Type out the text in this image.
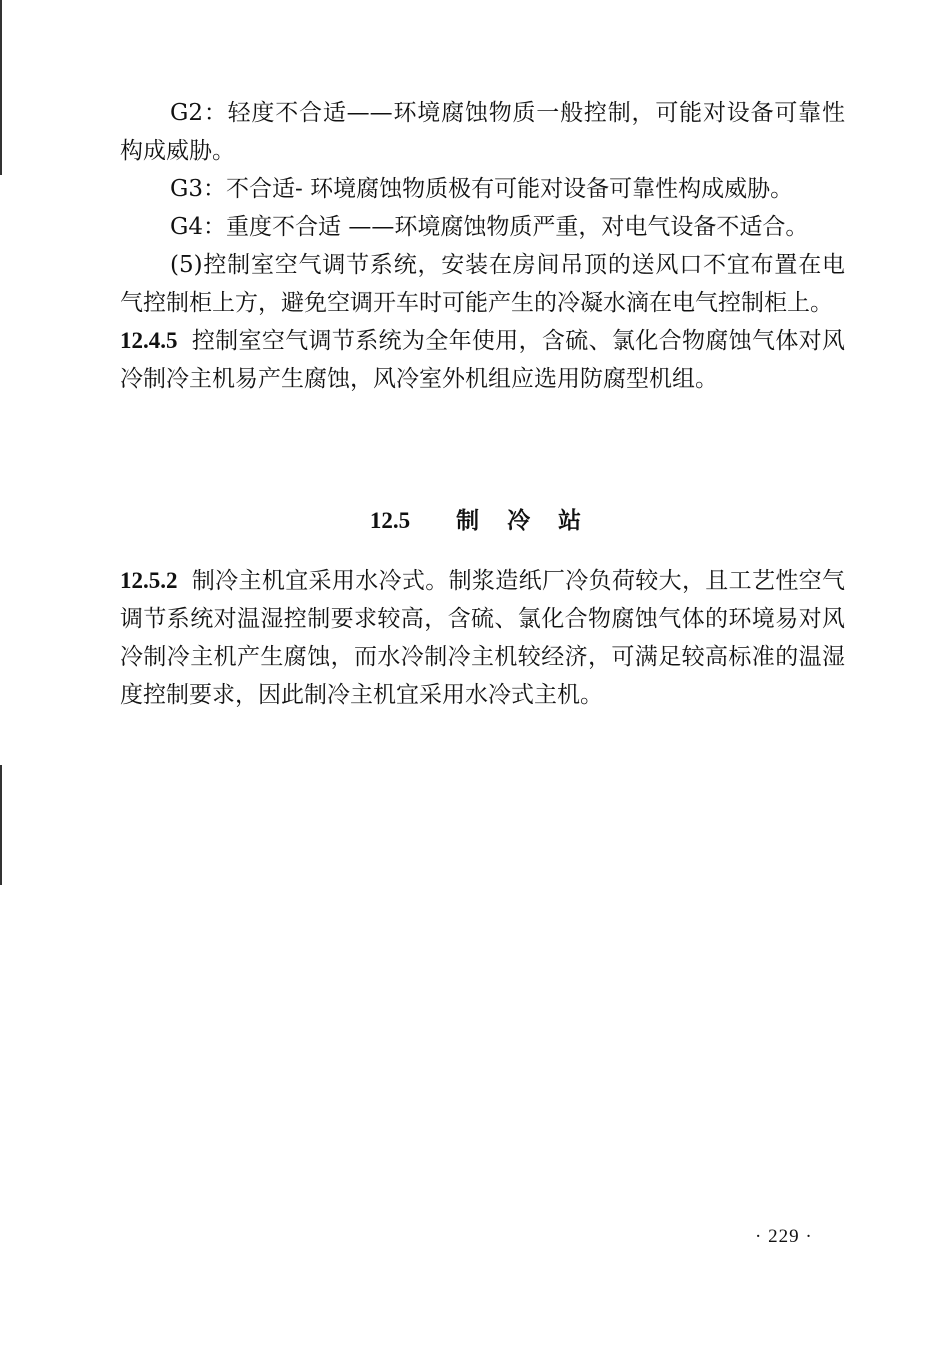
G2：轻度不合适——环境腐蚀物质一般控制，可能对设备可靠性构成威胁。

G3：不合适- 环境腐蚀物质极有可能对设备可靠性构成威胁。

G4：重度不合适 ——环境腐蚀物质严重，对电气设备不适合。

(5)控制室空气调节系统，安装在房间吊顶的送风口不宜布置在电气控制柜上方，避免空调开车时可能产生的冷凝水滴在电气控制柜上。

12.4.5 控制室空气调节系统为全年使用，含硫、氯化合物腐蚀气体对风冷制冷主机易产生腐蚀，风冷室外机组应选用防腐型机组。

12.5 制 冷 站

12.5.2 制冷主机宜采用水冷式。制浆造纸厂冷负荷较大，且工艺性空气调节系统对温湿控制要求较高，含硫、氯化合物腐蚀气体的环境易对风冷制冷主机产生腐蚀，而水冷制冷主机较经济，可满足较高标准的温湿度控制要求，因此制冷主机宜采用水冷式主机。

· 229 ·
